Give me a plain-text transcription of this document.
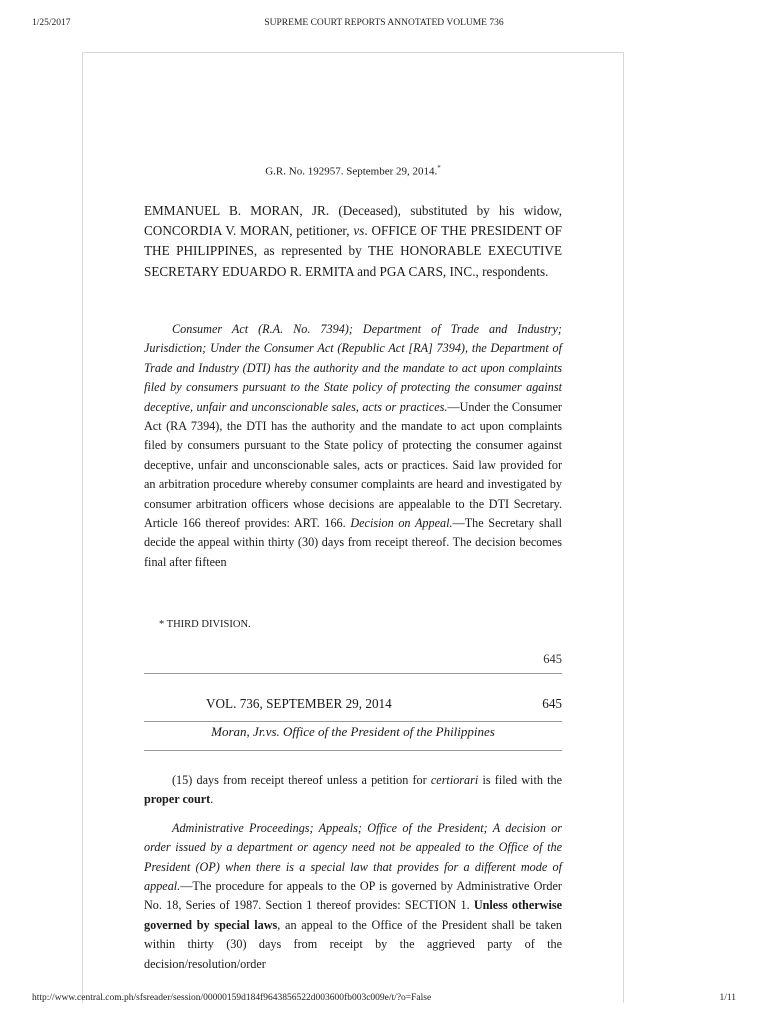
1/25/2017	SUPREME COURT REPORTS ANNOTATED VOLUME 736
G.R. No. 192957. September 29, 2014.*
EMMANUEL B. MORAN, JR. (Deceased), substituted by his widow, CONCORDIA V. MORAN, petitioner, vs. OFFICE OF THE PRESIDENT OF THE PHILIPPINES, as represented by THE HONORABLE EXECUTIVE SECRETARY EDUARDO R. ERMITA and PGA CARS, INC., respondents.
Consumer Act (R.A. No. 7394); Department of Trade and Industry; Jurisdiction; Under the Consumer Act (Republic Act [RA] 7394), the Department of Trade and Industry (DTI) has the authority and the mandate to act upon complaints filed by consumers pursuant to the State policy of protecting the consumer against deceptive, unfair and unconscionable sales, acts or practices.—Under the Consumer Act (RA 7394), the DTI has the authority and the mandate to act upon complaints filed by consumers pursuant to the State policy of protecting the consumer against deceptive, unfair and unconscionable sales, acts or practices. Said law provided for an arbitration procedure whereby consumer complaints are heard and investigated by consumer arbitration officers whose decisions are appealable to the DTI Secretary. Article 166 thereof provides: ART. 166. Decision on Appeal.—The Secretary shall decide the appeal within thirty (30) days from receipt thereof. The decision becomes final after fifteen
* THIRD DIVISION.
645
VOL. 736, SEPTEMBER 29, 2014	645
Moran, Jr.vs. Office of the President of the Philippines

(15) days from receipt thereof unless a petition for certiorari is filed with the proper court.

Administrative Proceedings; Appeals; Office of the President; A decision or order issued by a department or agency need not be appealed to the Office of the President (OP) when there is a special law that provides for a different mode of appeal.—The procedure for appeals to the OP is governed by Administrative Order No. 18, Series of 1987. Section 1 thereof provides: SECTION 1. Unless otherwise governed by special laws, an appeal to the Office of the President shall be taken within thirty (30) days from receipt by the aggrieved party of the decision/resolution/order

http://www.central.com.ph/sfsreader/session/00000159d184f9643856522d003600fb003c009e/t/?o=False	1/11
